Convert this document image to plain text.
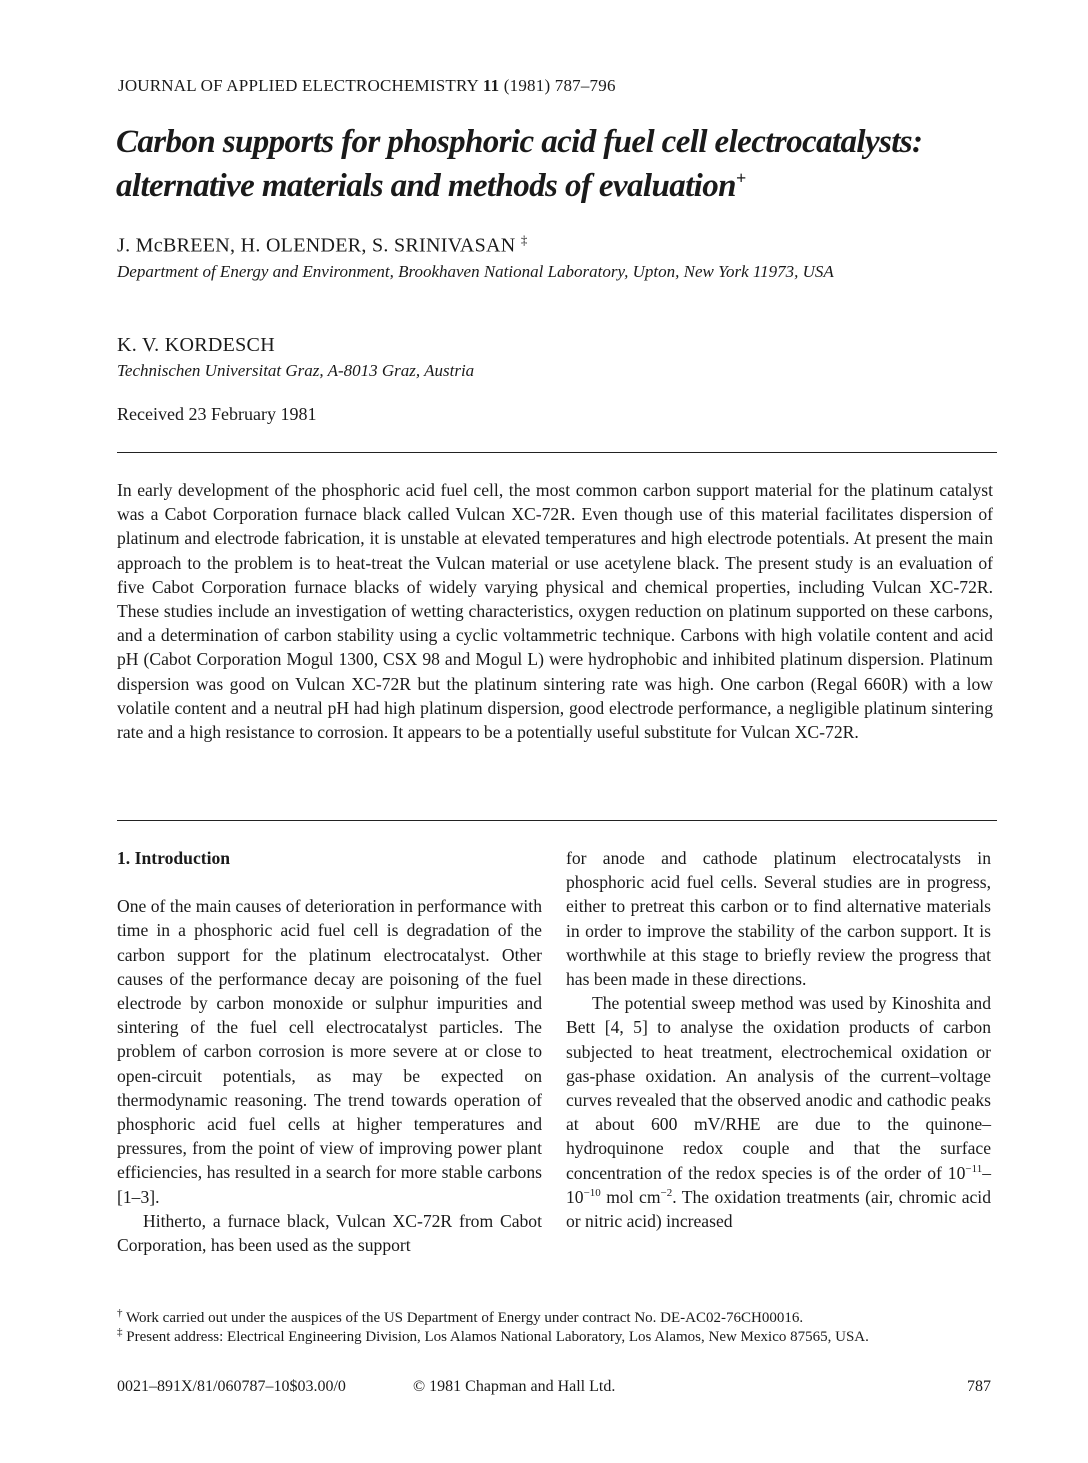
JOURNAL OF APPLIED ELECTROCHEMISTRY 11 (1981) 787–796
Carbon supports for phosphoric acid fuel cell electrocatalysts:
alternative materials and methods of evaluation+
J. McBREEN, H. OLENDER, S. SRINIVASAN ‡
Department of Energy and Environment, Brookhaven National Laboratory, Upton, New York 11973, USA
K. V. KORDESCH
Technischen Universitat Graz, A-8013 Graz, Austria
Received 23 February 1981

In early development of the phosphoric acid fuel cell, the most common carbon support material for the platinum catalyst was a Cabot Corporation furnace black called Vulcan XC-72R. Even though use of this material facilitates dispersion of platinum and electrode fabrication, it is unstable at elevated temperatures and high electrode potentials. At present the main approach to the problem is to heat-treat the Vulcan material or use acetylene black. The present study is an evaluation of five Cabot Corporation furnace blacks of widely varying physical and chemical properties, including Vulcan XC-72R. These studies include an investigation of wetting characteristics, oxygen reduction on platinum supported on these carbons, and a determination of carbon stability using a cyclic voltammetric technique. Carbons with high volatile content and acid pH (Cabot Corporation Mogul 1300, CSX 98 and Mogul L) were hydrophobic and inhibited platinum dispersion. Platinum dispersion was good on Vulcan XC-72R but the platinum sintering rate was high. One carbon (Regal 660R) with a low volatile content and a neutral pH had high platinum dispersion, good electrode performance, a negligible platinum sintering rate and a high resistance to corrosion. It appears to be a potentially useful substitute for Vulcan XC-72R.

1. Introduction

One of the main causes of deterioration in performance with time in a phosphoric acid fuel cell is degradation of the carbon support for the platinum electrocatalyst. Other causes of the performance decay are poisoning of the fuel electrode by carbon monoxide or sulphur impurities and sintering of the fuel cell electrocatalyst particles. The problem of carbon corrosion is more severe at or close to open-circuit potentials, as may be expected on thermodynamic reasoning. The trend towards operation of phosphoric acid fuel cells at higher temperatures and pressures, from the point of view of improving power plant efficiencies, has resulted in a search for more stable carbons [1–3].

Hitherto, a furnace black, Vulcan XC-72R from Cabot Corporation, has been used as the support

for anode and cathode platinum electrocatalysts in phosphoric acid fuel cells. Several studies are in progress, either to pretreat this carbon or to find alternative materials in order to improve the stability of the carbon support. It is worthwhile at this stage to briefly review the progress that has been made in these directions.

The potential sweep method was used by Kinoshita and Bett [4, 5] to analyse the oxidation products of carbon subjected to heat treatment, electrochemical oxidation or gas-phase oxidation. An analysis of the current–voltage curves revealed that the observed anodic and cathodic peaks at about 600 mV/RHE are due to the quinone–hydroquinone redox couple and that the surface concentration of the redox species is of the order of $10^{-11}-10^{-10}$ mol $cm^{-2}$. The oxidation treatments (air, chromic acid or nitric acid) increased

† Work carried out under the auspices of the US Department of Energy under contract No. DE-AC02-76CH00016.
‡ Present address: Electrical Engineering Division, Los Alamos National Laboratory, Los Alamos, New Mexico 87565, USA.
0021–891X/81/060787–10$03.00/0	© 1981 Chapman and Hall Ltd.	787
